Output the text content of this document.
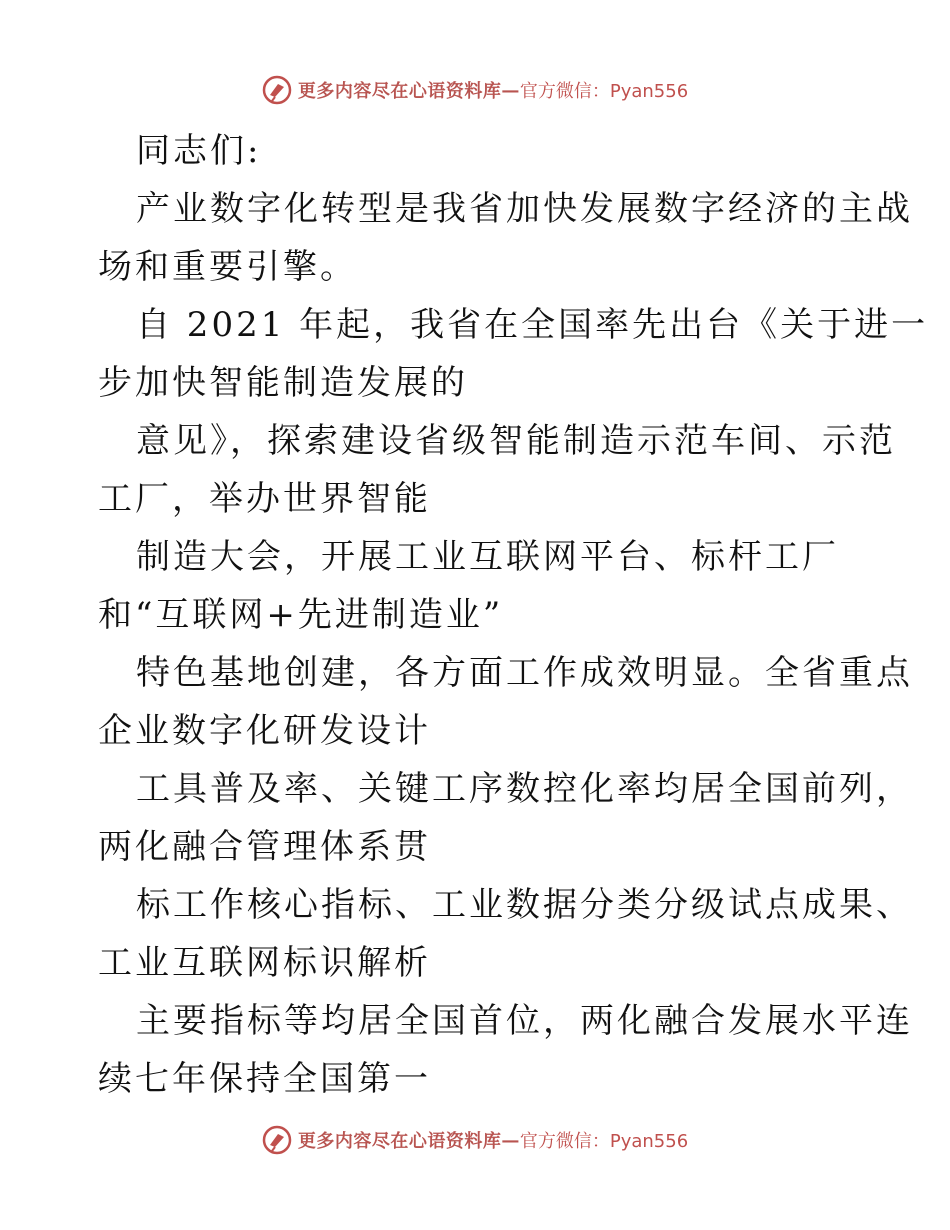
更多内容尽在心语资料库 — 官方微信：Pyan556
同志们:
产业数字化转型是我省加快发展数字经济的主战
场和重要引擎。
自 2021 年起，我省在全国率先出台《关于进一
步加快智能制造发展的
意见》，探索建设省级智能制造示范车间、示范
工厂，举办世界智能
制造大会，开展工业互联网平台、标杆工厂
和“互联网+先进制造业”
特色基地创建，各方面工作成效明显。全省重点
企业数字化研发设计
工具普及率、关键工序数控化率均居全国前列，
两化融合管理体系贯
标工作核心指标、工业数据分类分级试点成果、
工业互联网标识解析
主要指标等均居全国首位，两化融合发展水平连
续七年保持全国第一
更多内容尽在心语资料库 — 官方微信：Pyan556
